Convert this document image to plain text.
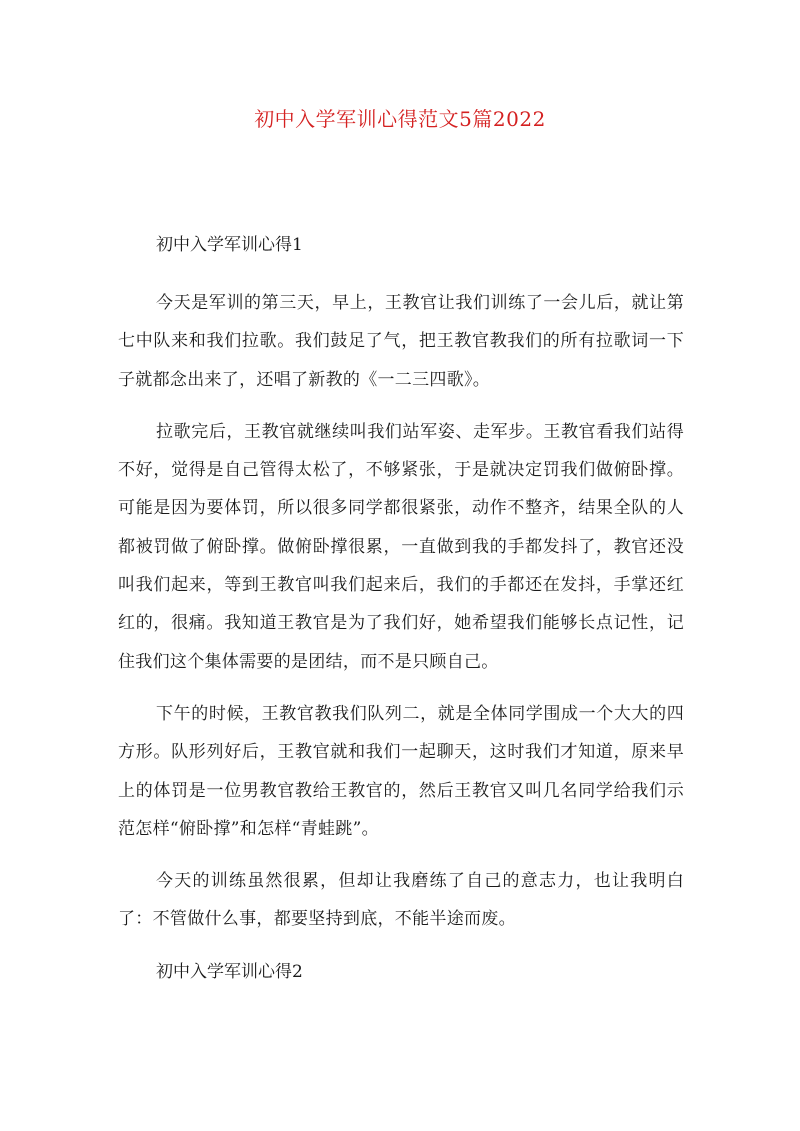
初中入学军训心得范文5篇2022

初中入学军训心得1

今天是军训的第三天，早上，王教官让我们训练了一会儿后，就让第七中队来和我们拉歌。我们鼓足了气，把王教官教我们的所有拉歌词一下子就都念出来了，还唱了新教的《一二三四歌》。

拉歌完后，王教官就继续叫我们站军姿、走军步。王教官看我们站得不好，觉得是自己管得太松了，不够紧张，于是就决定罚我们做俯卧撑。可能是因为要体罚，所以很多同学都很紧张，动作不整齐，结果全队的人都被罚做了俯卧撑。做俯卧撑很累，一直做到我的手都发抖了，教官还没叫我们起来，等到王教官叫我们起来后，我们的手都还在发抖，手掌还红红的，很痛。我知道王教官是为了我们好，她希望我们能够长点记性，记住我们这个集体需要的是团结，而不是只顾自己。

下午的时候，王教官教我们队列二，就是全体同学围成一个大大的四方形。队形列好后，王教官就和我们一起聊天，这时我们才知道，原来早上的体罚是一位男教官教给王教官的，然后王教官又叫几名同学给我们示范怎样“俯卧撑”和怎样“青蛙跳”。

今天的训练虽然很累，但却让我磨练了自己的意志力，也让我明白了：不管做什么事，都要坚持到底，不能半途而废。

初中入学军训心得2
